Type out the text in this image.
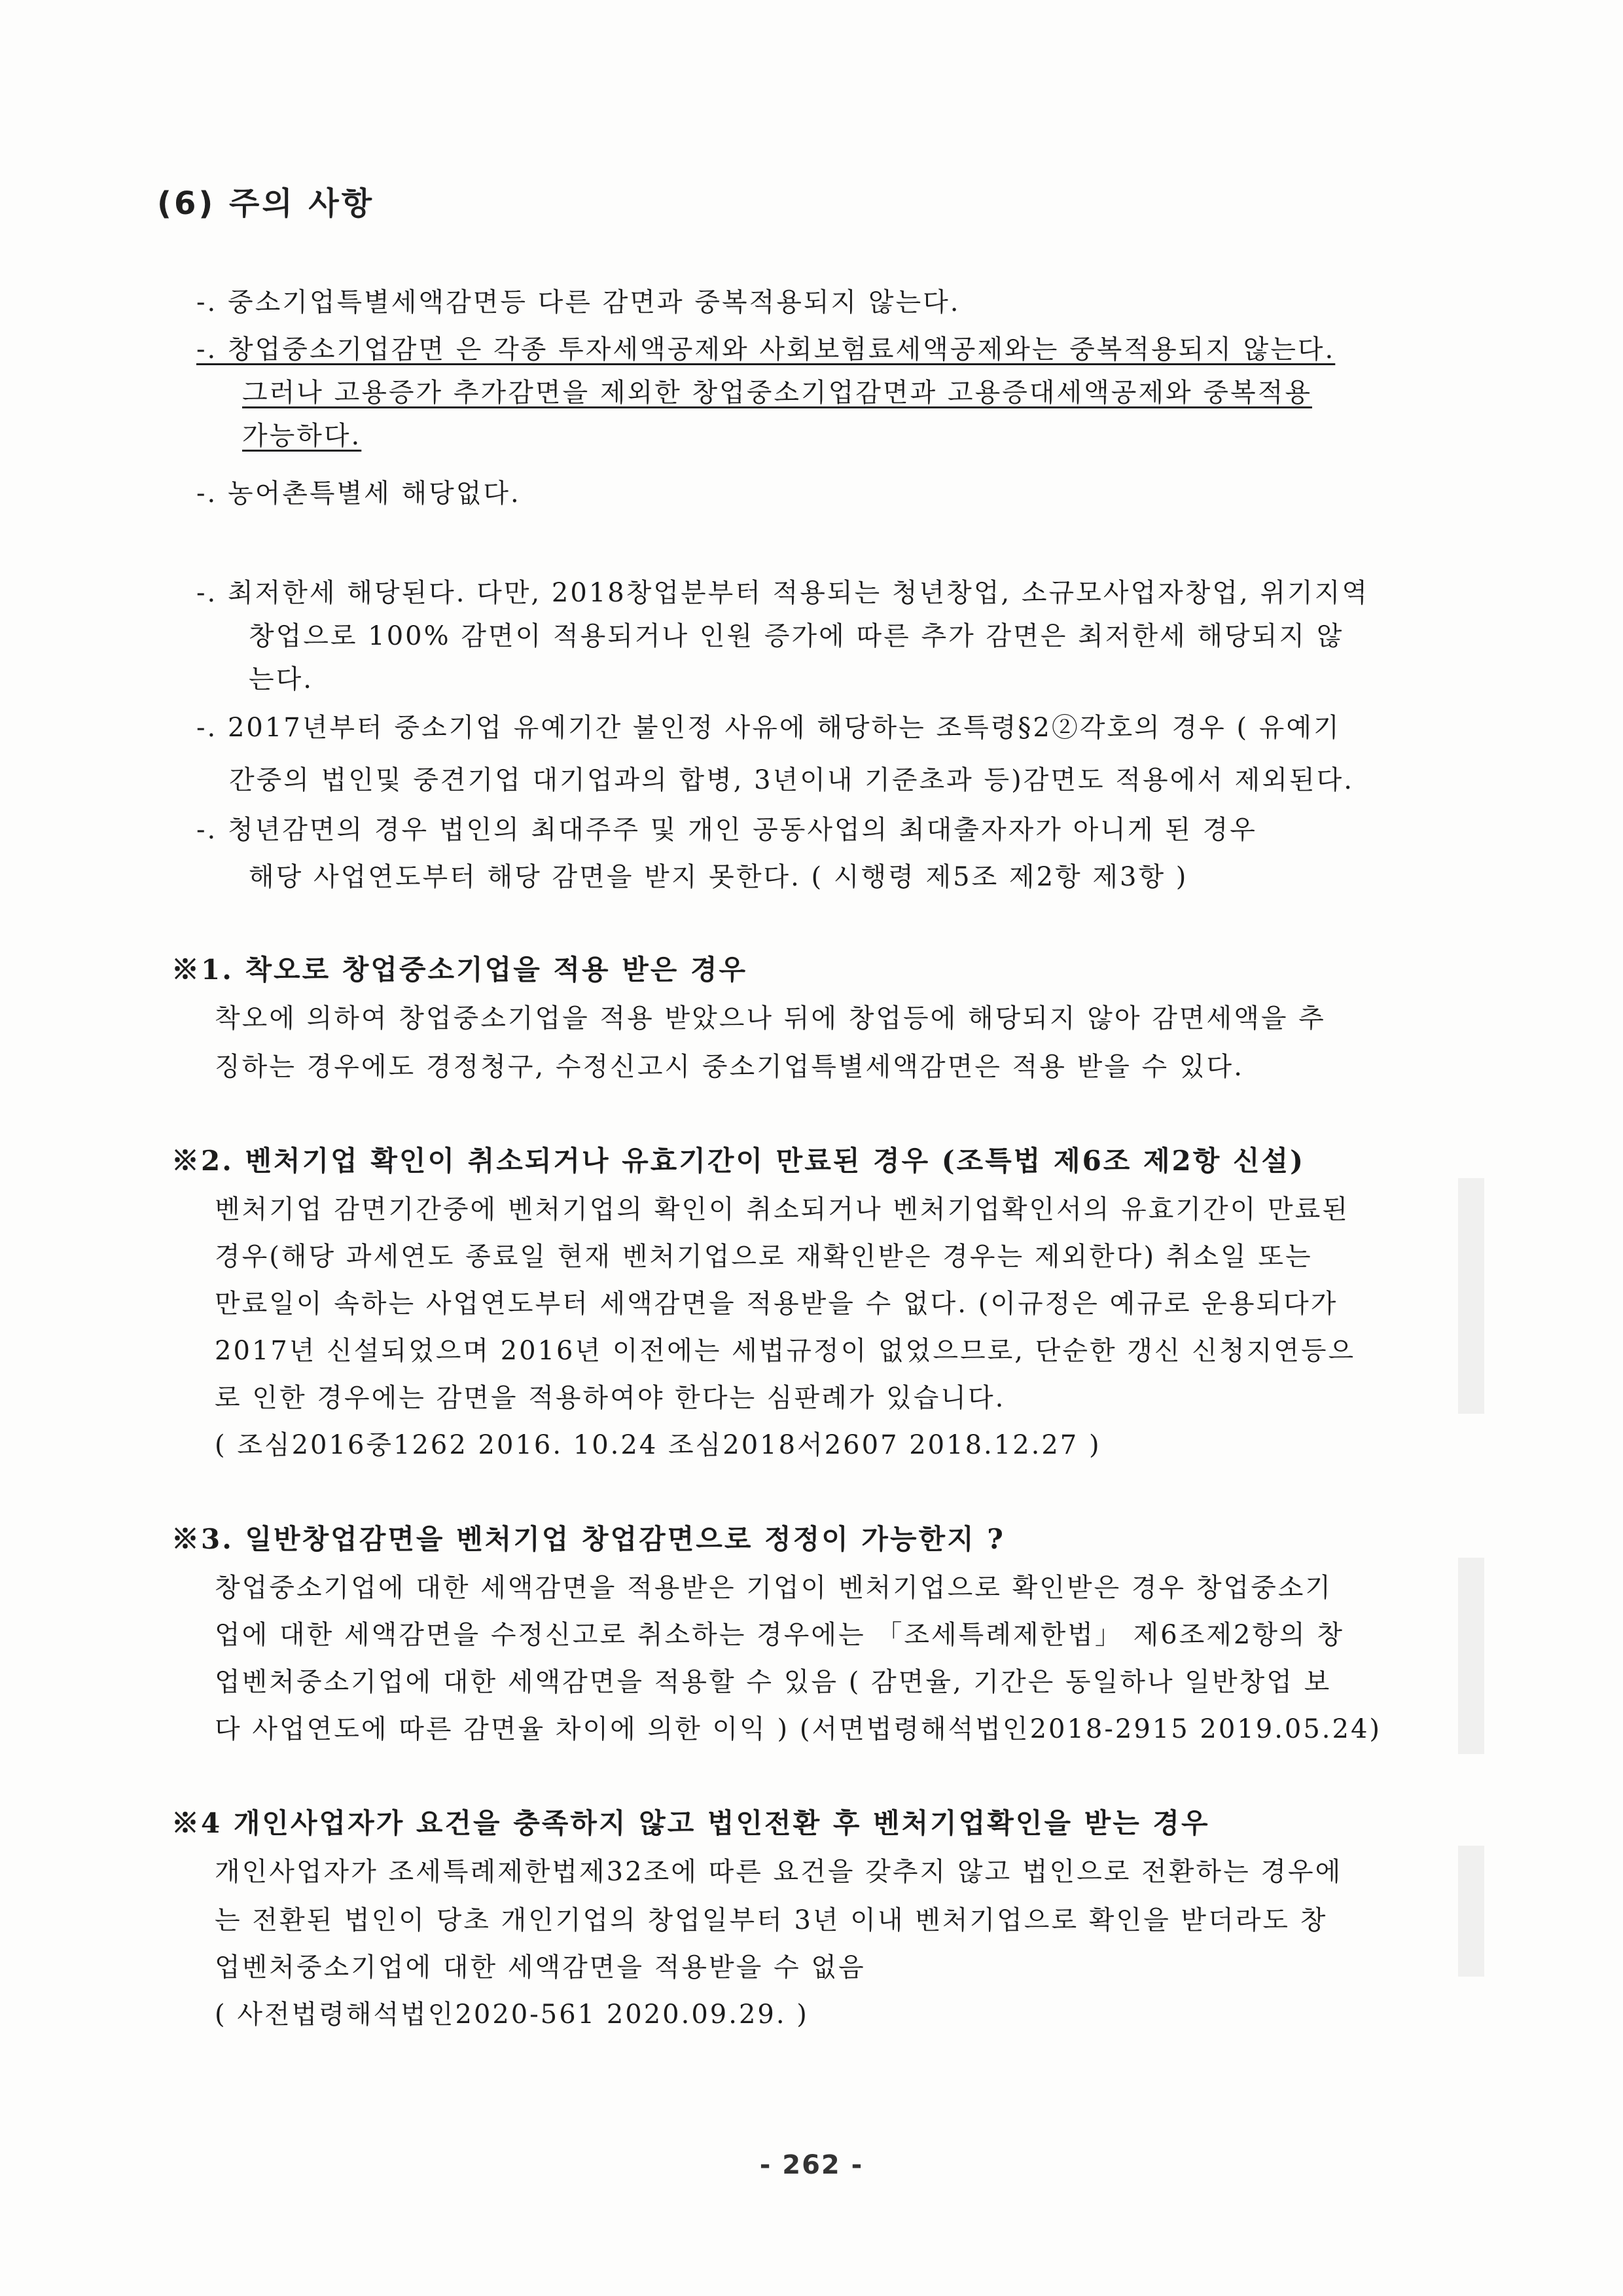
(6) 주의 사항

-. 중소기업특별세액감면등 다른 감면과 중복적용되지 않는다.

-. 창업중소기업감면 은 각종 투자세액공제와 사회보험료세액공제와는 중복적용되지 않는다.

그러나 고용증가 추가감면을 제외한 창업중소기업감면과 고용증대세액공제와 중복적용

가능하다.

-. 농어촌특별세 해당없다.

-. 최저한세 해당된다. 다만, 2018창업분부터 적용되는 청년창업, 소규모사업자창업, 위기지역

창업으로 100% 감면이 적용되거나 인원 증가에 따른 추가 감면은 최저한세 해당되지 않

는다.

-. 2017년부터 중소기업 유예기간 불인정 사유에 해당하는 조특령§2②각호의 경우 ( 유예기

간중의 법인및 중견기업 대기업과의 합병, 3년이내 기준초과 등)감면도 적용에서 제외된다.

-. 청년감면의 경우 법인의 최대주주 및 개인 공동사업의 최대출자자가 아니게 된 경우

해당 사업연도부터 해당 감면을 받지 못한다. ( 시행령 제5조 제2항 제3항 )

※1. 착오로 창업중소기업을 적용 받은 경우

착오에 의하여 창업중소기업을 적용 받았으나 뒤에 창업등에 해당되지 않아 감면세액을 추

징하는 경우에도 경정청구, 수정신고시 중소기업특별세액감면은 적용 받을 수 있다.

※2. 벤처기업 확인이 취소되거나 유효기간이 만료된 경우 (조특법 제6조 제2항 신설)

벤처기업 감면기간중에 벤처기업의 확인이 취소되거나 벤처기업확인서의 유효기간이 만료된

경우(해당 과세연도 종료일 현재 벤처기업으로 재확인받은 경우는 제외한다) 취소일 또는

만료일이 속하는 사업연도부터 세액감면을 적용받을 수 없다. (이규정은 예규로 운용되다가

2017년 신설되었으며 2016년 이전에는 세법규정이 없었으므로, 단순한 갱신 신청지연등으

로 인한 경우에는 감면을 적용하여야 한다는 심판례가 있습니다.

( 조심2016중1262 2016. 10.24 조심2018서2607 2018.12.27 )

※3. 일반창업감면을 벤처기업 창업감면으로 정정이 가능한지 ?

창업중소기업에 대한 세액감면을 적용받은 기업이 벤처기업으로 확인받은 경우 창업중소기

업에 대한 세액감면을 수정신고로 취소하는 경우에는 「조세특례제한법」 제6조제2항의 창

업벤처중소기업에 대한 세액감면을 적용할 수 있음 ( 감면율, 기간은 동일하나 일반창업 보

다 사업연도에 따른 감면율 차이에 의한 이익 ) (서면법령해석법인2018-2915 2019.05.24)

※4 개인사업자가 요건을 충족하지 않고 법인전환 후 벤처기업확인을 받는 경우

개인사업자가 조세특례제한법제32조에 따른 요건을 갖추지 않고 법인으로 전환하는 경우에

는 전환된 법인이 당초 개인기업의 창업일부터 3년 이내 벤처기업으로 확인을 받더라도 창

업벤처중소기업에 대한 세액감면을 적용받을 수 없음

( 사전법령해석법인2020-561 2020.09.29. )

- 262 -
